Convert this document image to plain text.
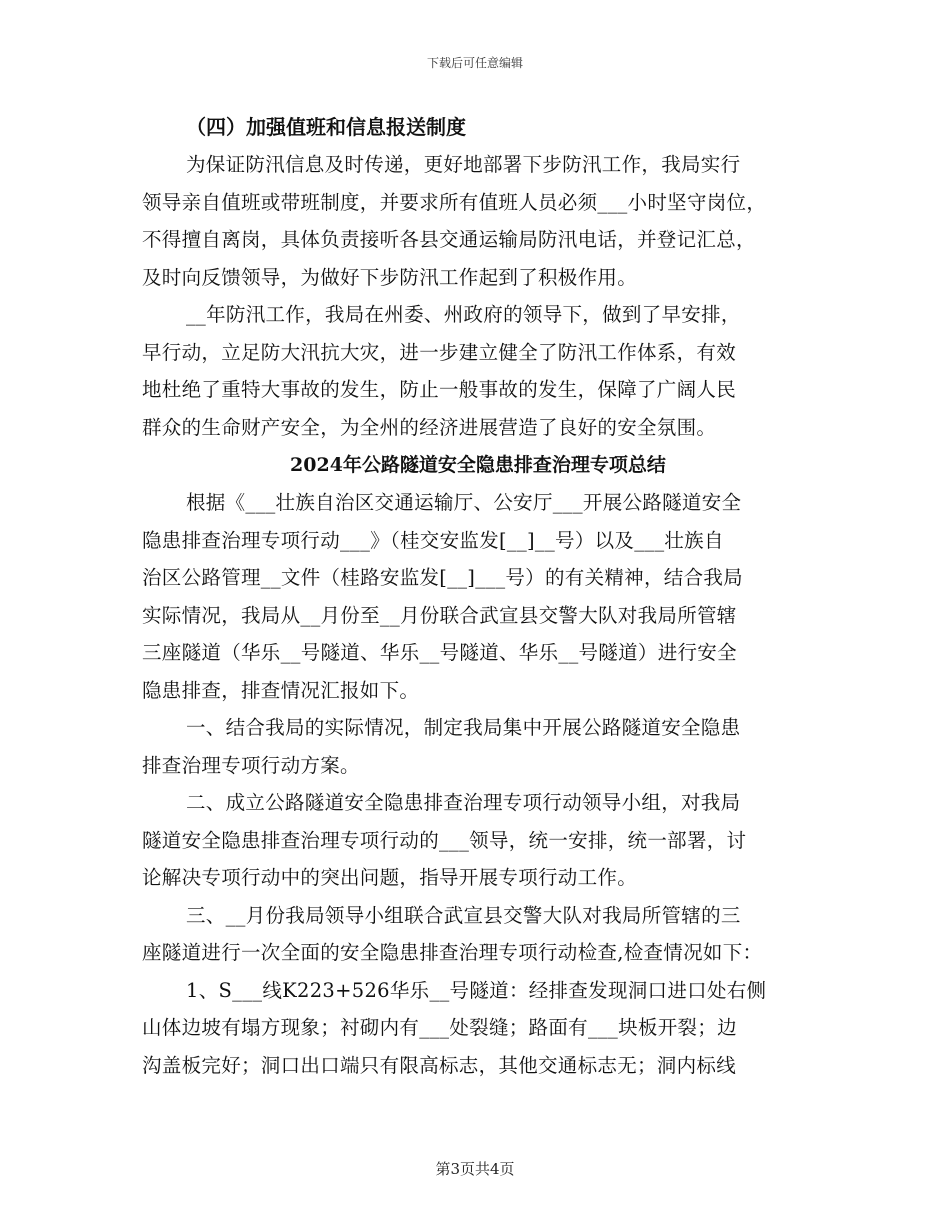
下载后可任意编辑
（四）加强值班和信息报送制度

为保证防汛信息及时传递，更好地部署下步防汛工作，我局实行
领导亲自值班或带班制度，并要求所有值班人员必须___小时坚守岗位，
不得擅自离岗，具体负责接听各县交通运输局防汛电话，并登记汇总，
及时向反馈领导，为做好下步防汛工作起到了积极作用。

__年防汛工作，我局在州委、州政府的领导下，做到了早安排，
早行动，立足防大汛抗大灾，进一步建立健全了防汛工作体系，有效
地杜绝了重特大事故的发生，防止一般事故的发生，保障了广阔人民
群众的生命财产安全，为全州的经济进展营造了良好的安全氛围。

2024年公路隧道安全隐患排查治理专项总结

根据《___壮族自治区交通运输厅、公安厅___开展公路隧道安全
隐患排查治理专项行动___》（桂交安监发[__]__号）以及___壮族自
治区公路管理__文件（桂路安监发[__]___号）的有关精神，结合我局
实际情况，我局从__月份至__月份联合武宣县交警大队对我局所管辖
三座隧道（华乐__号隧道、华乐__号隧道、华乐__号隧道）进行安全
隐患排查，排查情况汇报如下。

一、结合我局的实际情况，制定我局集中开展公路隧道安全隐患
排查治理专项行动方案。

二、成立公路隧道安全隐患排查治理专项行动领导小组，对我局
隧道安全隐患排查治理专项行动的___领导，统一安排，统一部署，讨
论解决专项行动中的突出问题，指导开展专项行动工作。

三、__月份我局领导小组联合武宣县交警大队对我局所管辖的三
座隧道进行一次全面的安全隐患排查治理专项行动检查,检查情况如下：

1、S___线K223+526华乐__号隧道：经排查发现洞口进口处右侧
山体边坡有塌方现象；衬砌内有___处裂缝；路面有___块板开裂；边
沟盖板完好；洞口出口端只有限高标志，其他交通标志无；洞内标线

第3页共4页
